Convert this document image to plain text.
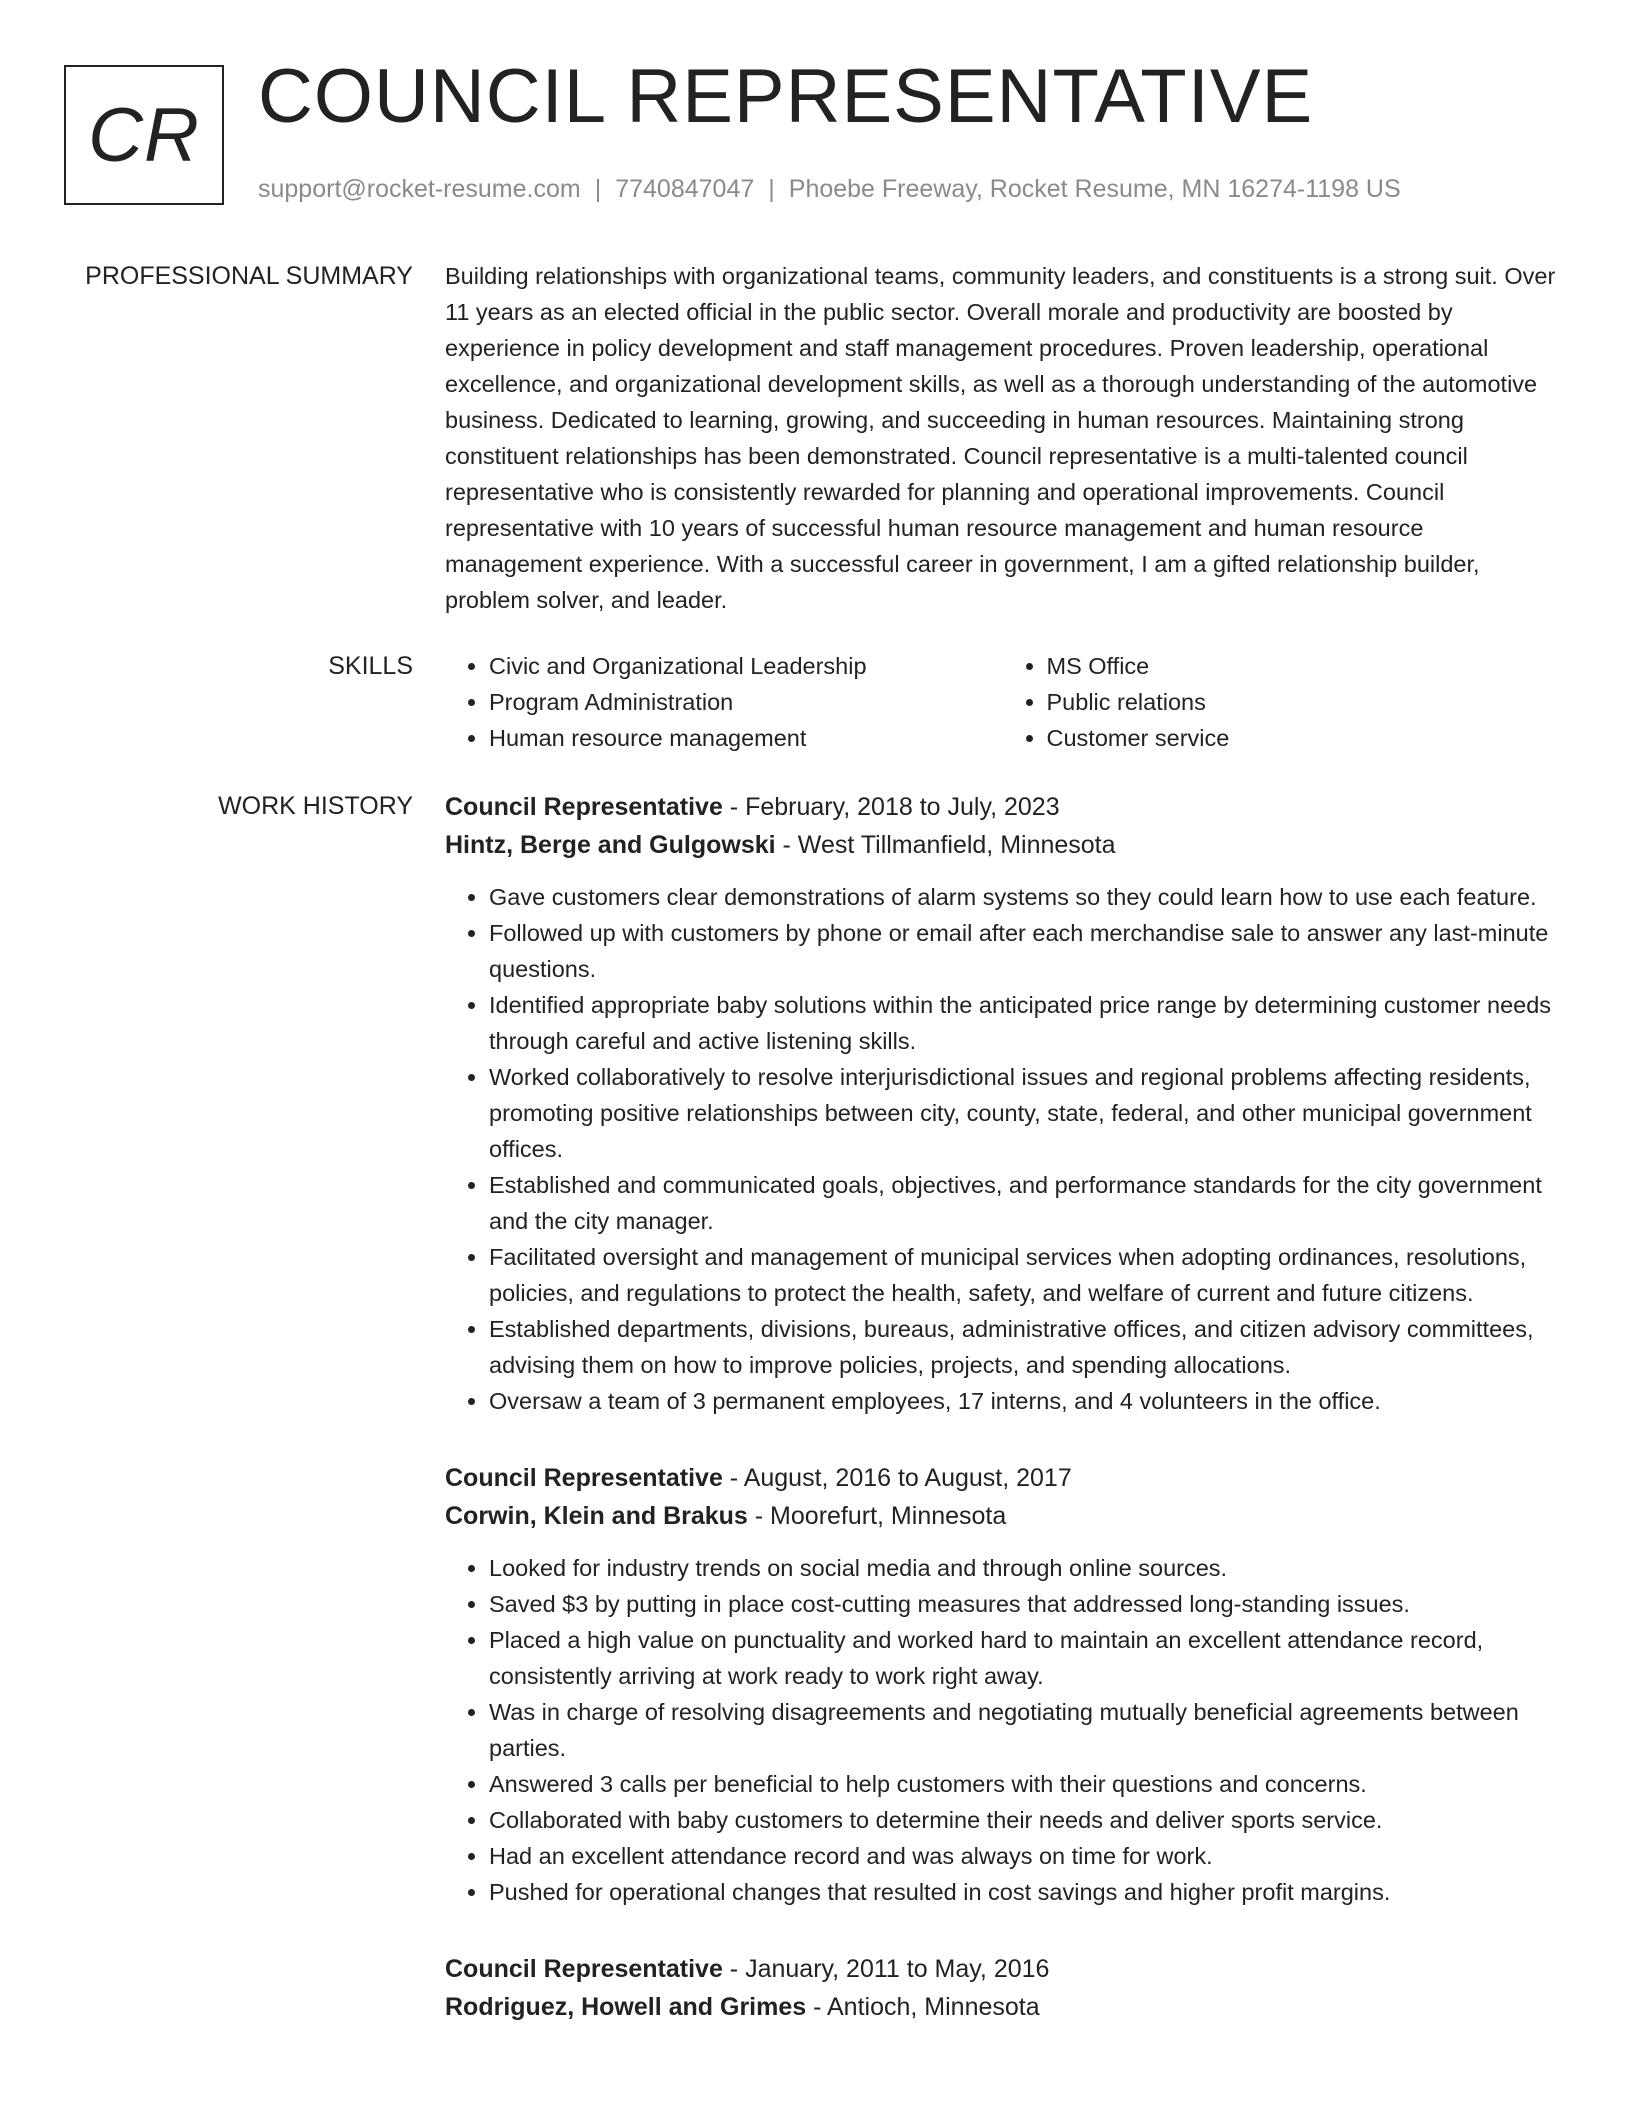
CR COUNCIL REPRESENTATIVE
support@rocket-resume.com | 7740847047 | Phoebe Freeway, Rocket Resume, MN 16274-1198 US
PROFESSIONAL SUMMARY Building relationships with organizational teams, community leaders, and constituents is a strong suit. Over 11 years as an elected official in the public sector. Overall morale and productivity are boosted by experience in policy development and staff management procedures. Proven leadership, operational excellence, and organizational development skills, as well as a thorough understanding of the automotive business. Dedicated to learning, growing, and succeeding in human resources. Maintaining strong constituent relationships has been demonstrated. Council representative is a multi-talented council representative who is consistently rewarded for planning and operational improvements. Council representative with 10 years of successful human resource management and human resource management experience. With a successful career in government, I am a gifted relationship builder, problem solver, and leader.

SKILLS
•	Civic and Organizational Leadership
• Program Administration
• Human resource management
• MS Office
• Public relations
• Customer service
WORK HISTORY Council Representative - February, 2018 to July, 2023
Hintz, Berge and Gulgowski - West Tillmanfield, Minnesota
• Gave customers clear demonstrations of alarm systems so they could learn how to use each feature.
• Followed up with customers by phone or email after each merchandise sale to answer any last-minute questions.
• Identified appropriate baby solutions within the anticipated price range by determining customer needs through careful and active listening skills.
• Worked collaboratively to resolve interjurisdictional issues and regional problems affecting residents, promoting positive relationships between city, county, state, federal, and other municipal government offices.
• Established and communicated goals, objectives, and performance standards for the city government and the city manager.
• Facilitated oversight and management of municipal services when adopting ordinances, resolutions, policies, and regulations to protect the health, safety, and welfare of current and future citizens.
• Established departments, divisions, bureaus, administrative offices, and citizen advisory committees, advising them on how to improve policies, projects, and spending allocations.
• Oversaw a team of 3 permanent employees, 17 interns, and 4 volunteers in the office.
Council Representative - August, 2016 to August, 2017
Corwin, Klein and Brakus - Moorefurt, Minnesota
• Looked for industry trends on social media and through online sources.
• Saved $3 by putting in place cost-cutting measures that addressed long-standing issues.
• Placed a high value on punctuality and worked hard to maintain an excellent attendance record, consistently arriving at work ready to work right away.
• Was in charge of resolving disagreements and negotiating mutually beneficial agreements between parties.
• Answered 3 calls per beneficial to help customers with their questions and concerns.
• Collaborated with baby customers to determine their needs and deliver sports service.
• Had an excellent attendance record and was always on time for work.
• Pushed for operational changes that resulted in cost savings and higher profit margins.
Council Representative - January, 2011 to May, 2016
Rodriguez, Howell and Grimes - Antioch, Minnesota
